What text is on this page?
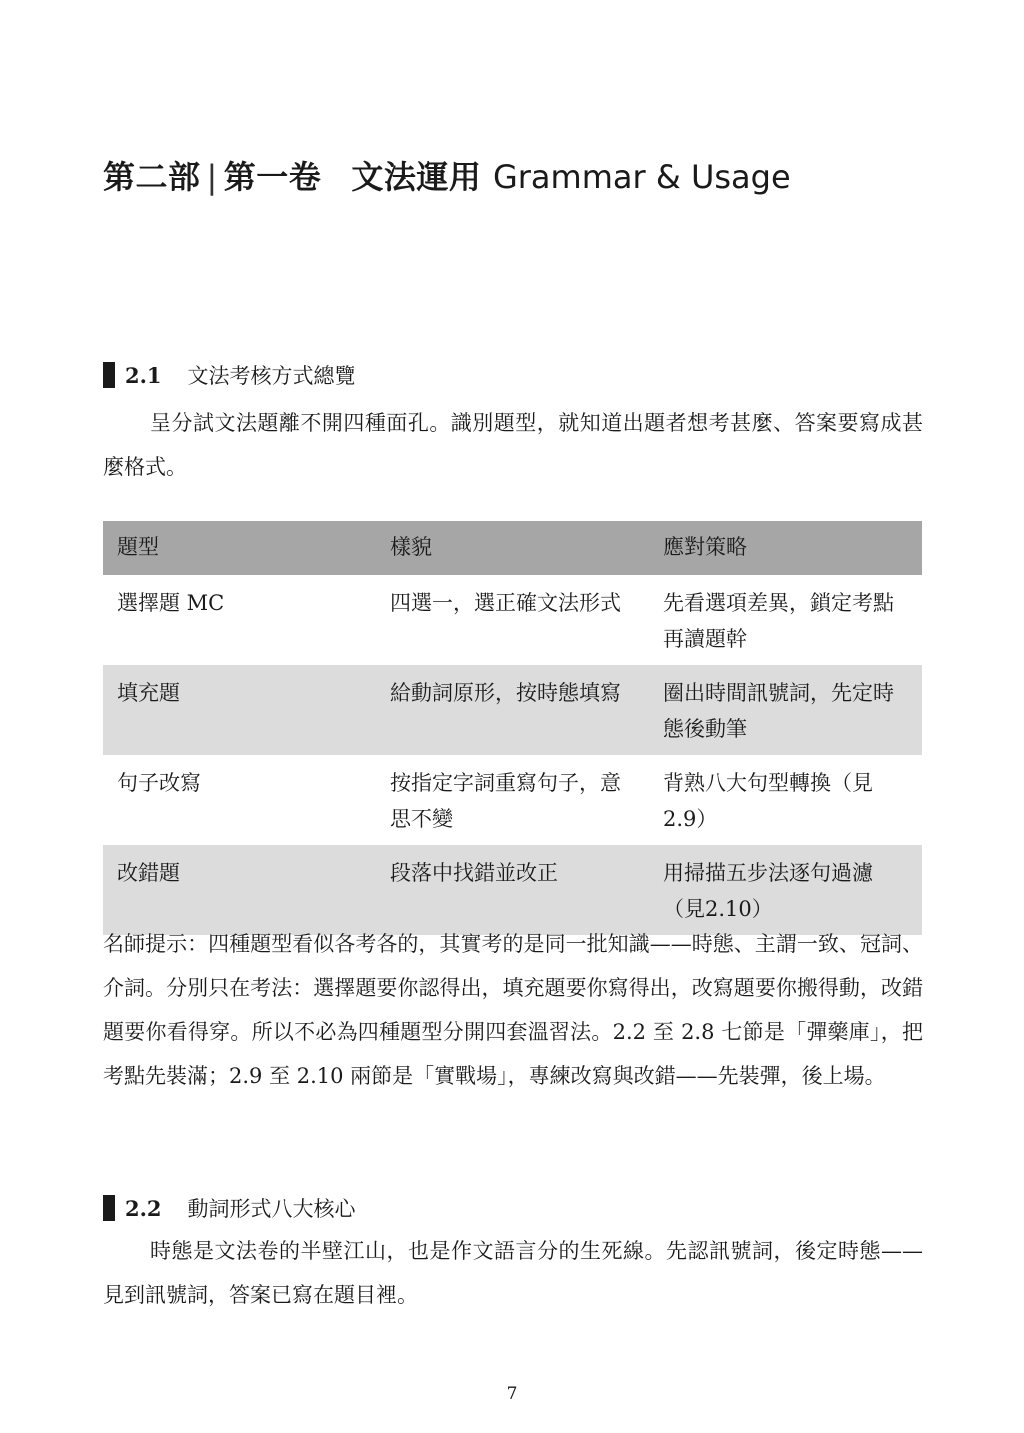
第二部 | 第一卷 文法運用 Grammar & Usage
2.1 文法考核方式總覽

呈分試文法題離不開四種面孔。識別題型，就知道出題者想考甚麼、答案要寫成甚麼格式。

題型	樣貌	應對策略
選擇題 MC	四選一，選正確文法形式	先看選項差異，鎖定考點再讀題幹
填充題	給動詞原形，按時態填寫	圈出時間訊號詞，先定時態後動筆
句子改寫	按指定字詞重寫句子，意思不變	背熟八大句型轉換（見2.9）
改錯題	段落中找錯並改正	用掃描五步法逐句過濾（見2.10）

名師提示：四種題型看似各考各的，其實考的是同一批知識——時態、主謂一致、冠詞、介詞。分別只在考法：選擇題要你認得出，填充題要你寫得出，改寫題要你搬得動，改錯題要你看得穿。所以不必為四種題型分開四套溫習法。2.2 至 2.8 七節是「彈藥庫」，把考點先裝滿；2.9 至 2.10 兩節是「實戰場」，專練改寫與改錯——先裝彈，後上場。

2.2 動詞形式八大核心

時態是文法卷的半壁江山，也是作文語言分的生死線。先認訊號詞，後定時態——見到訊號詞，答案已寫在題目裡。

7
